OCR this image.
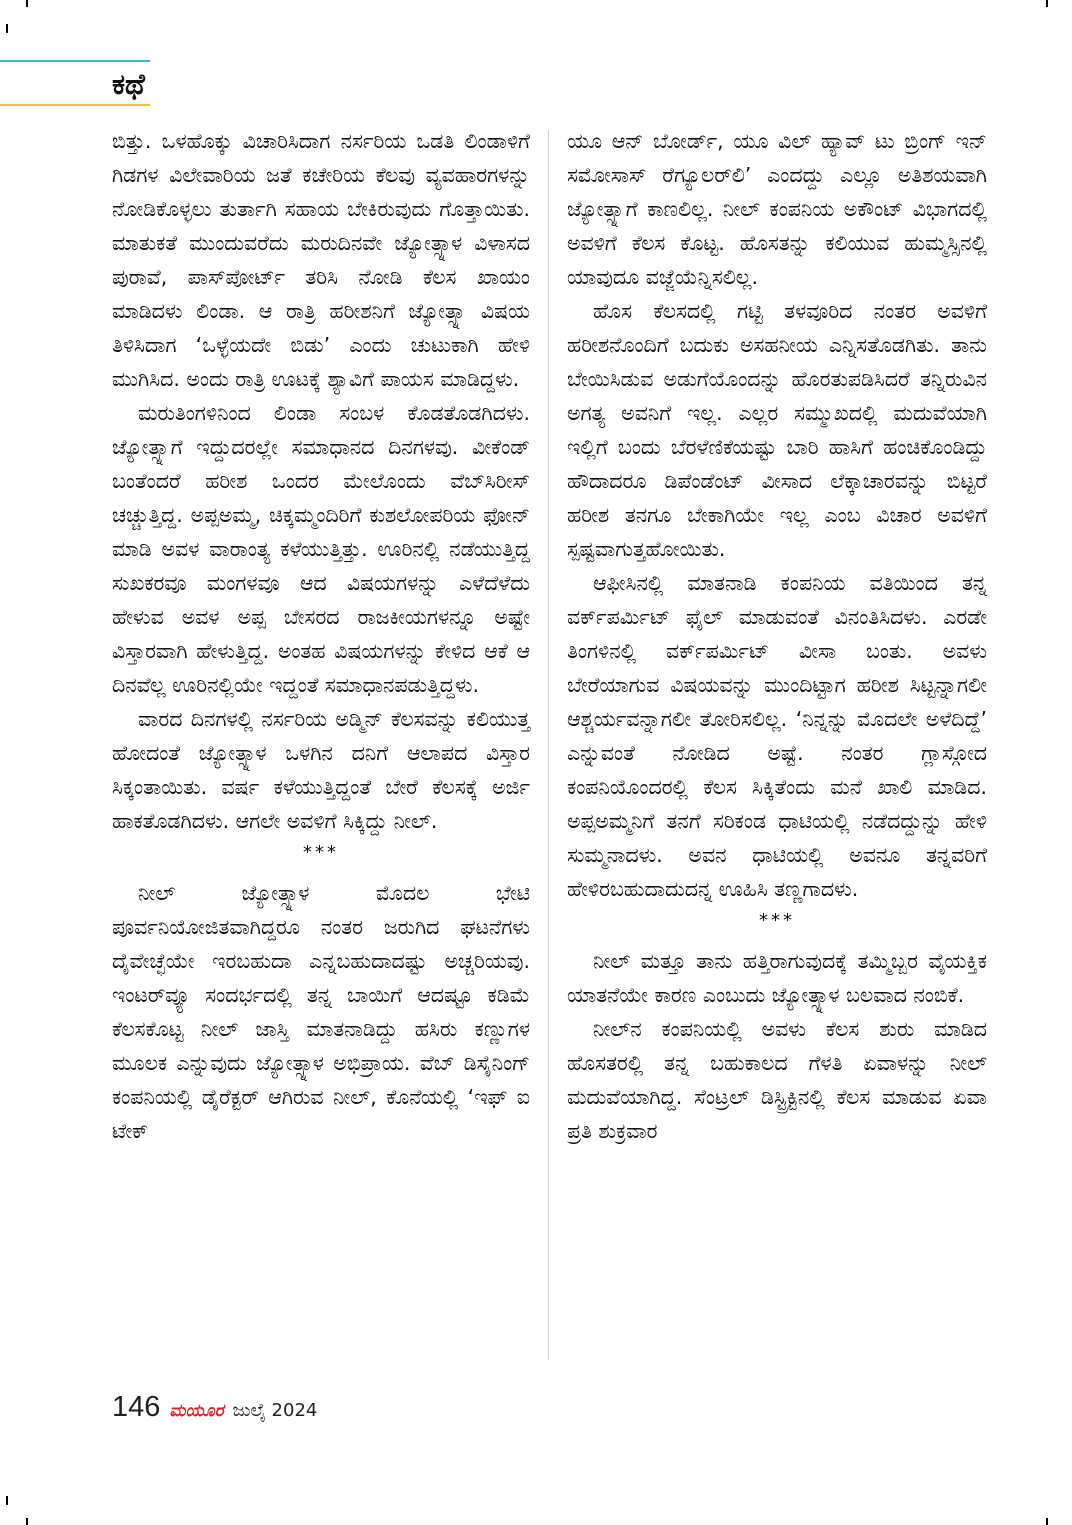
ಕಥೆ

ಬಿತ್ತು. ಒಳಹೊಕ್ಕು ವಿಚಾರಿಸಿದಾಗ ನರ್ಸರಿಯ ಒಡತಿ ಲಿಂಡಾಳಿಗೆ ಗಿಡಗಳ ವಿಲೇವಾರಿಯ ಜತೆ ಕಚೇರಿಯ ಕೆಲವು ವ್ಯವಹಾರಗಳನ್ನು ನೋಡಿಕೊಳ್ಳಲು ತುರ್ತಾಗಿ ಸಹಾಯ ಬೇಕಿರುವುದು ಗೊತ್ತಾಯಿತು. ಮಾತುಕತೆ ಮುಂದುವರೆದು ಮರುದಿನವೇ ಜ್ಯೋತ್ಸ್ನಾಳ ವಿಳಾಸದ ಪುರಾವೆ, ಪಾಸ್‌ಪೋರ್ಟ್ ತರಿಸಿ ನೋಡಿ ಕೆಲಸ ಖಾಯಂ ಮಾಡಿದಳು ಲಿಂಡಾ. ಆ ರಾತ್ರಿ ಹರೀಶನಿಗೆ ಜ್ಯೋತ್ಸ್ನಾ ವಿಷಯ ತಿಳಿಸಿದಾಗ ‘ಒಳ್ಳೆಯದೇ ಬಿಡು’ ಎಂದು ಚುಟುಕಾಗಿ ಹೇಳಿ ಮುಗಿಸಿದ. ಅಂದು ರಾತ್ರಿ ಊಟಕ್ಕೆ ಶ್ಯಾವಿಗೆ ಪಾಯಸ ಮಾಡಿದ್ದಳು.

ಮರುತಿಂಗಳಿನಿಂದ ಲಿಂಡಾ ಸಂಬಳ ಕೊಡತೊಡಗಿದಳು. ಜ್ಯೋತ್ಸ್ನಾಗೆ ಇದ್ದುದರಲ್ಲೇ ಸಮಾಧಾನದ ದಿನಗಳವು. ವೀಕೆಂಡ್ ಬಂತೆಂದರೆ ಹರೀಶ ಒಂದರ ಮೇಲೊಂದು ವೆಬ್‌ಸಿರೀಸ್ ಚಚ್ಚುತ್ತಿದ್ದ. ಅಪ್ಪಅಮ್ಮ, ಚಿಕ್ಕಮ್ಮಂದಿರಿಗೆ ಕುಶಲೋಪರಿಯ ಫೋನ್ ಮಾಡಿ ಅವಳ ವಾರಾಂತ್ಯ ಕಳೆಯುತ್ತಿತ್ತು. ಊರಿನಲ್ಲಿ ನಡೆಯುತ್ತಿದ್ದ ಸುಖಕರವೂ ಮಂಗಳವೂ ಆದ ವಿಷಯಗಳನ್ನು ಎಳೆದೆಳೆದು ಹೇಳುವ ಅವಳ ಅಪ್ಪ ಬೇಸರದ ರಾಜಕೀಯಗಳನ್ನೂ ಅಷ್ಟೇ ವಿಸ್ತಾರವಾಗಿ ಹೇಳುತ್ತಿದ್ದ. ಅಂತಹ ವಿಷಯಗಳನ್ನು ಕೇಳಿದ ಆಕೆ ಆ ದಿನವೆಲ್ಲ ಊರಿನಲ್ಲಿಯೇ ಇದ್ದಂತೆ ಸಮಾಧಾನಪಡುತ್ತಿದ್ದಳು.

ವಾರದ ದಿನಗಳಲ್ಲಿ ನರ್ಸರಿಯ ಅಡ್ಮಿನ್ ಕೆಲಸವನ್ನು ಕಲಿಯುತ್ತ ಹೋದಂತೆ ಜ್ಯೋತ್ಸ್ನಾಳ ಒಳಗಿನ ದನಿಗೆ ಆಲಾಪದ ವಿಸ್ತಾರ ಸಿಕ್ಕಂತಾಯಿತು. ವರ್ಷ ಕಳೆಯುತ್ತಿದ್ದಂತೆ ಬೇರೆ ಕೆಲಸಕ್ಕೆ ಅರ್ಜಿ ಹಾಕತೊಡಗಿದಳು. ಆಗಲೇ ಅವಳಿಗೆ ಸಿಕ್ಕಿದ್ದು ನೀಲ್.

***

ನೀಲ್ ಜ್ಯೋತ್ಸ್ನಾಳ ಮೊದಲ ಭೇಟಿ ಪೂರ್ವನಿಯೋಜಿತವಾಗಿದ್ದರೂ ನಂತರ ಜರುಗಿದ ಘಟನೆಗಳು ದೈವೇಚ್ಛೆಯೇ ಇರಬಹುದಾ ಎನ್ನಬಹುದಾದಷ್ಟು ಅಚ್ಚರಿಯವು. ಇಂಟರ್‌ವ್ಯೂ ಸಂದರ್ಭದಲ್ಲಿ ತನ್ನ ಬಾಯಿಗೆ ಆದಷ್ಟೂ ಕಡಿಮೆ ಕೆಲಸಕೊಟ್ಟ ನೀಲ್ ಜಾಸ್ತಿ ಮಾತನಾಡಿದ್ದು ಹಸಿರು ಕಣ್ಣುಗಳ ಮೂಲಕ ಎನ್ನುವುದು ಜ್ಯೋತ್ಸ್ನಾಳ ಅಭಿಪ್ರಾಯ. ವೆಬ್ ಡಿಸೈನಿಂಗ್ ಕಂಪನಿಯಲ್ಲಿ ಡೈರೆಕ್ಟರ್ ಆಗಿರುವ ನೀಲ್, ಕೊನೆಯಲ್ಲಿ ‘ಇಫ್ ಐ ಟೇಕ್

ಯೂ ಆನ್ ಬೋರ್ಡ್, ಯೂ ವಿಲ್ ಹ್ಯಾವ್ ಟು ಬ್ರಿಂಗ್ ಇನ್ ಸಮೋಸಾಸ್ ರೆಗ್ಯೂಲರ್‌ಲಿ’ ಎಂದದ್ದು ಎಲ್ಲೂ ಅತಿಶಯವಾಗಿ ಜ್ಯೋತ್ಸ್ನಾಗೆ ಕಾಣಲಿಲ್ಲ. ನೀಲ್ ಕಂಪನಿಯ ಅಕೌಂಟ್ ವಿಭಾಗದಲ್ಲಿ ಅವಳಿಗೆ ಕೆಲಸ ಕೊಟ್ಟ. ಹೊಸತನ್ನು ಕಲಿಯುವ ಹುಮ್ಮಸ್ಸಿನಲ್ಲಿ ಯಾವುದೂ ವಜ್ಜೆಯೆನ್ನಿಸಲಿಲ್ಲ.

ಹೊಸ ಕೆಲಸದಲ್ಲಿ ಗಟ್ಟಿ ತಳವೂರಿದ ನಂತರ ಅವಳಿಗೆ ಹರೀಶನೊಂದಿಗೆ ಬದುಕು ಅಸಹನೀಯ ಎನ್ನಿಸತೊಡಗಿತು. ತಾನು ಬೇಯಿಸಿಡುವ ಅಡುಗೆಯೊಂದನ್ನು ಹೊರತುಪಡಿಸಿದರೆ ತನ್ನಿರುವಿನ ಅಗತ್ಯ ಅವನಿಗೆ ಇಲ್ಲ. ಎಲ್ಲರ ಸಮ್ಮುಖದಲ್ಲಿ ಮದುವೆಯಾಗಿ ಇಲ್ಲಿಗೆ ಬಂದು ಬೆರಳೆಣಿಕೆಯಷ್ಟು ಬಾರಿ ಹಾಸಿಗೆ ಹಂಚಿಕೊಂಡಿದ್ದು ಹೌದಾದರೂ ಡಿಪೆಂಡೆಂಟ್ ವೀಸಾದ ಲೆಕ್ಕಾಚಾರವನ್ನು ಬಿಟ್ಟರೆ ಹರೀಶ ತನಗೂ ಬೇಕಾಗಿಯೇ ಇಲ್ಲ ಎಂಬ ವಿಚಾರ ಅವಳಿಗೆ ಸ್ಪಷ್ಟವಾಗುತ್ತಹೋಯಿತು.

ಆಫೀಸಿನಲ್ಲಿ ಮಾತನಾಡಿ ಕಂಪನಿಯ ವತಿಯಿಂದ ತನ್ನ ವರ್ಕ್‌ಪರ್ಮಿಟ್ ಫೈಲ್ ಮಾಡುವಂತೆ ವಿನಂತಿಸಿದಳು. ಎರಡೇ ತಿಂಗಳಿನಲ್ಲಿ ವರ್ಕ್‌ಪರ್ಮಿಟ್ ವೀಸಾ ಬಂತು. ಅವಳು ಬೇರೆಯಾಗುವ ವಿಷಯವನ್ನು ಮುಂದಿಟ್ಟಾಗ ಹರೀಶ ಸಿಟ್ಟನ್ನಾಗಲೀ ಆಶ್ಚರ್ಯವನ್ನಾಗಲೀ ತೋರಿಸಲಿಲ್ಲ. ‘ನಿನ್ನನ್ನು ಮೊದಲೇ ಅಳೆದಿದ್ದೆ’ ಎನ್ನುವಂತೆ ನೋಡಿದ ಅಷ್ಟೆ. ನಂತರ ಗ್ಲಾಸ್ಗೋದ ಕಂಪನಿಯೊಂದರಲ್ಲಿ ಕೆಲಸ ಸಿಕ್ಕಿತೆಂದು ಮನೆ ಖಾಲಿ ಮಾಡಿದ. ಅಪ್ಪಅಮ್ಮನಿಗೆ ತನಗೆ ಸರಿಕಂಡ ಧಾಟಿಯಲ್ಲಿ ನಡೆದದ್ದುನ್ನು ಹೇಳಿ ಸುಮ್ಮನಾದಳು. ಅವನ ಧಾಟಿಯಲ್ಲಿ ಅವನೂ ತನ್ನವರಿಗೆ ಹೇಳಿರಬಹುದಾದುದನ್ನ ಊಹಿಸಿ ತಣ್ಣಗಾದಳು.

***

ನೀಲ್ ಮತ್ತೂ ತಾನು ಹತ್ತಿರಾಗುವುದಕ್ಕೆ ತಮ್ಮಿಬ್ಬರ ವೈಯಕ್ತಿಕ ಯಾತನೆಯೇ ಕಾರಣ ಎಂಬುದು ಜ್ಯೋತ್ಸ್ನಾಳ ಬಲವಾದ ನಂಬಿಕೆ.

ನೀಲ್‌ನ ಕಂಪನಿಯಲ್ಲಿ ಅವಳು ಕೆಲಸ ಶುರು ಮಾಡಿದ ಹೊಸತರಲ್ಲಿ ತನ್ನ ಬಹುಕಾಲದ ಗೆಳತಿ ಏವಾಳನ್ನು ನೀಲ್ ಮದುವೆಯಾಗಿದ್ದ. ಸೆಂಟ್ರಲ್ ಡಿಸ್ಟ್ರಿಕ್ಟಿನಲ್ಲಿ ಕೆಲಸ ಮಾಡುವ ಏವಾ ಪ್ರತಿ ಶುಕ್ರವಾರ

146 ಮಯೂರ ಜುಲೈ 2024
